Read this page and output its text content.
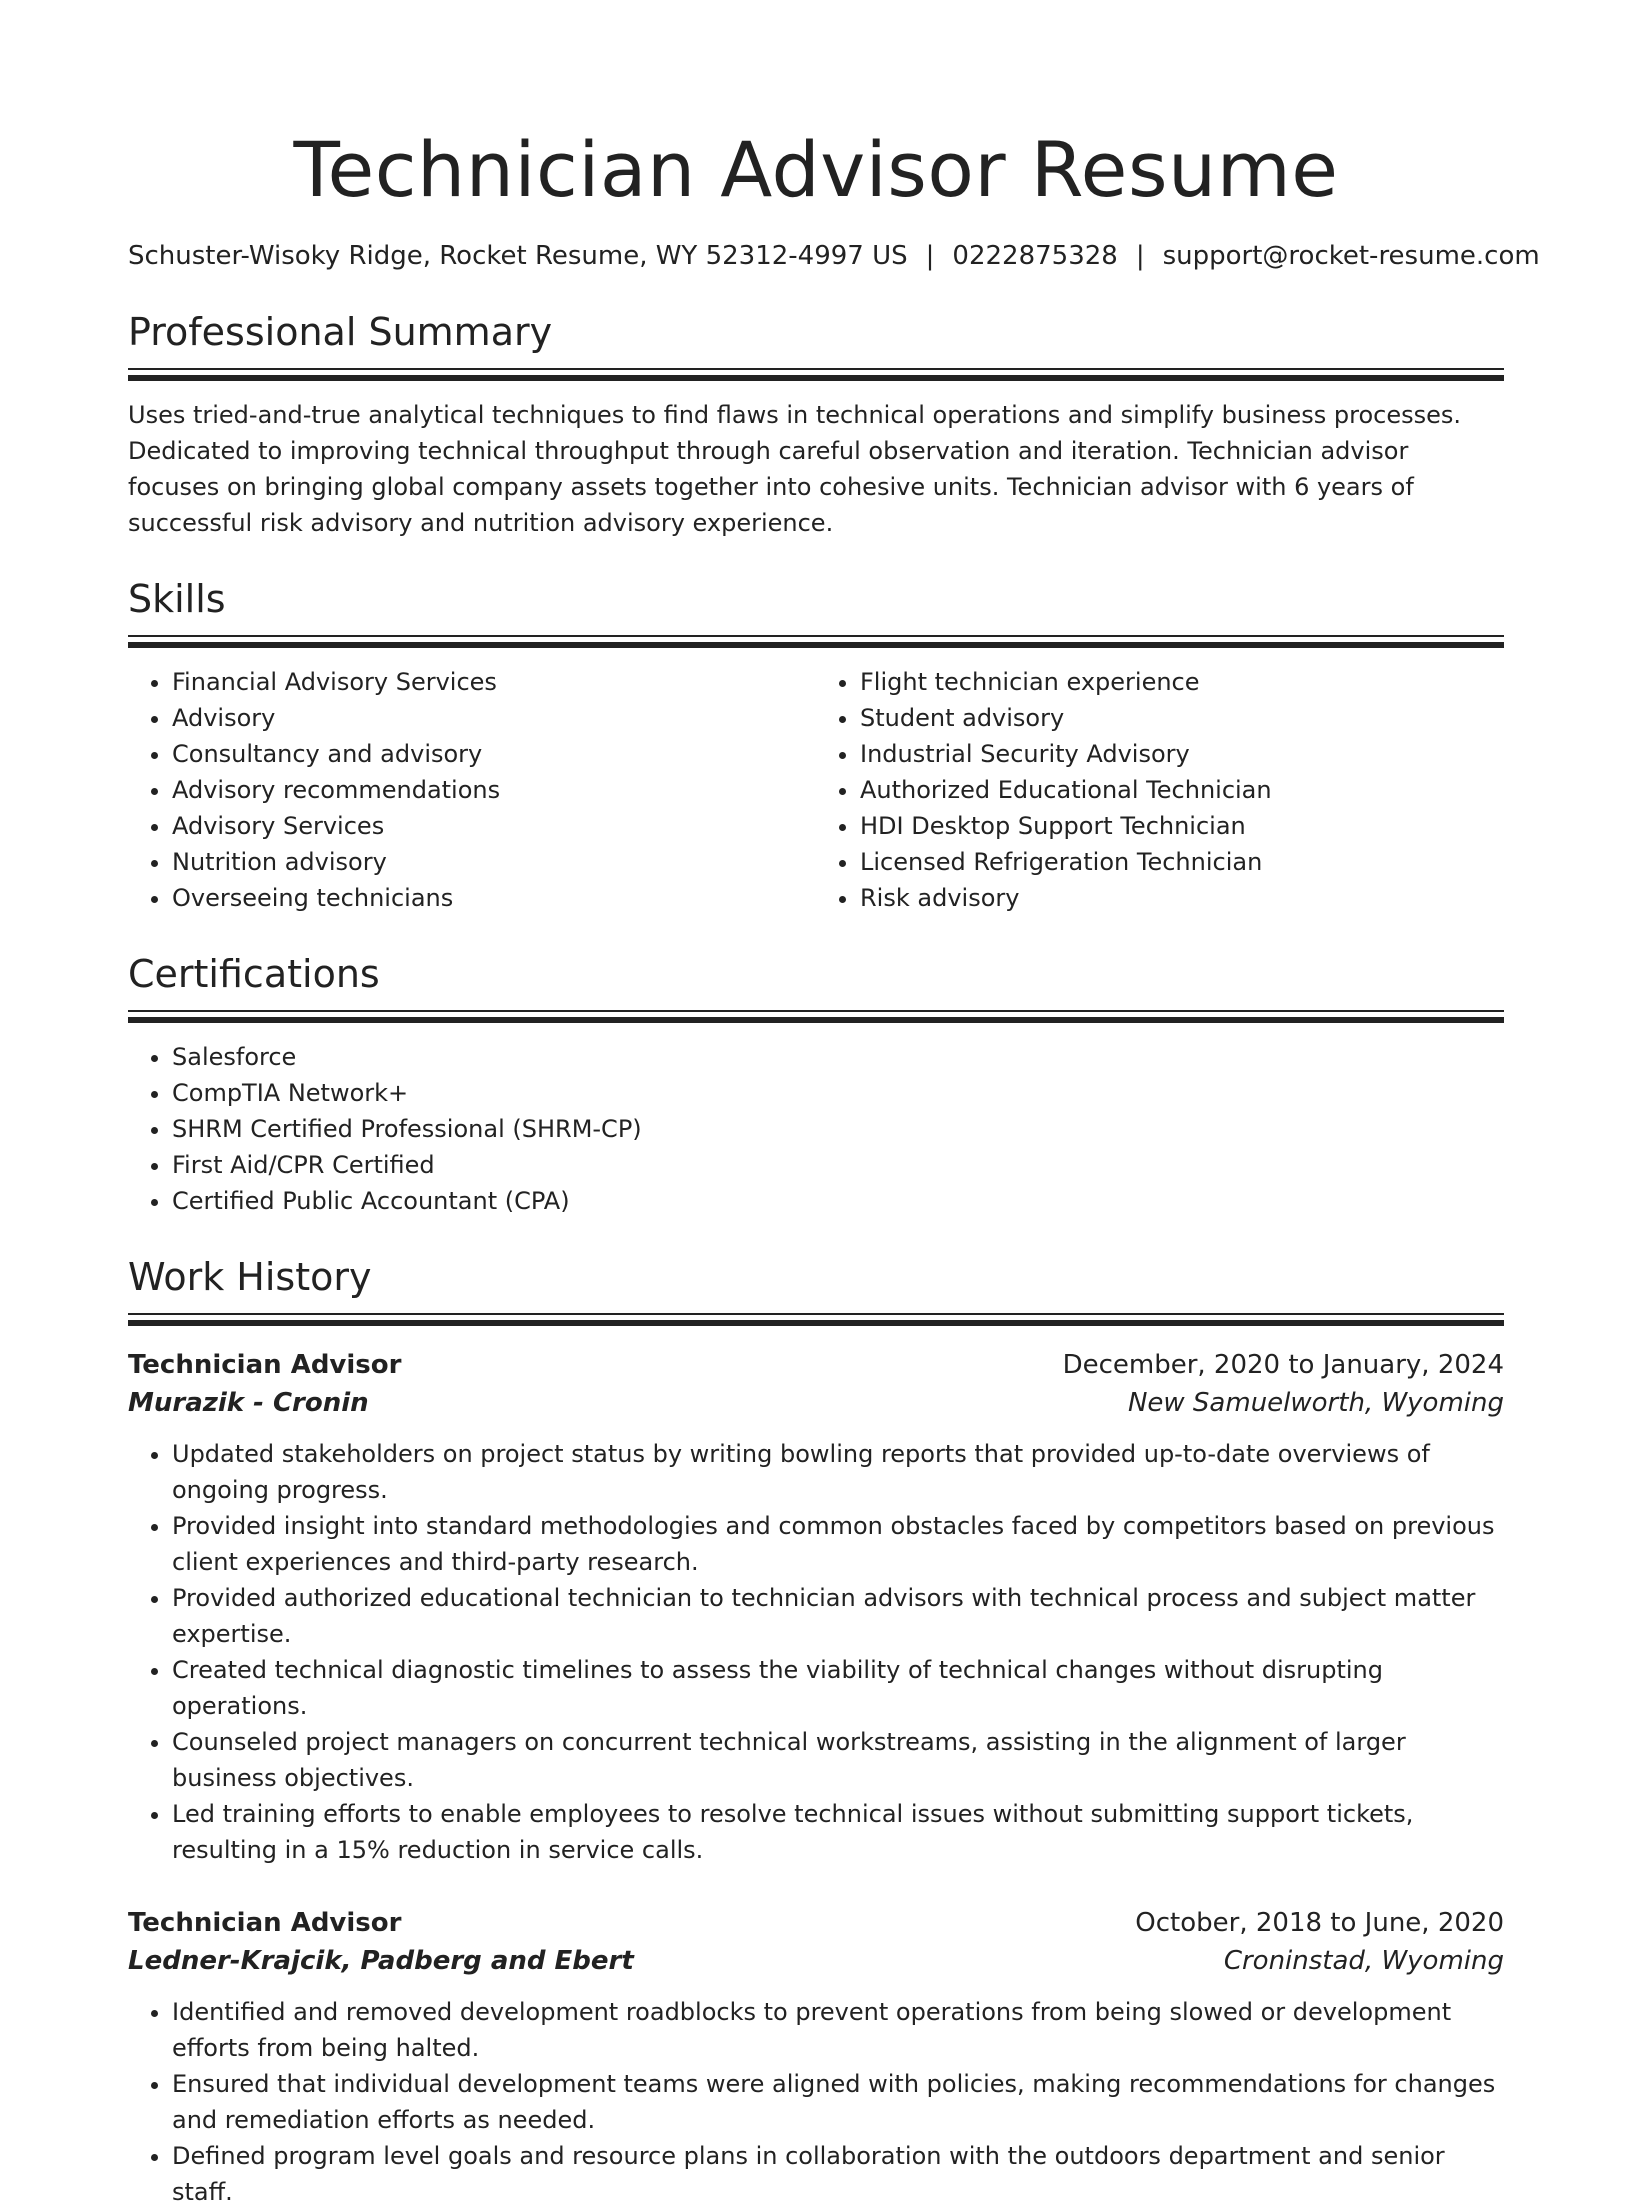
Technician Advisor Resume
Schuster-Wisoky Ridge, Rocket Resume, WY 52312-4997 US | 0222875328 | support@rocket-resume.com
Professional Summary

Uses tried-and-true analytical techniques to find flaws in technical operations and simplify business processes. Dedicated to improving technical throughput through careful observation and iteration. Technician advisor focuses on bringing global company assets together into cohesive units. Technician advisor with 6 years of successful risk advisory and nutrition advisory experience.

Skills
• Financial Advisory Services
• Advisory
• Consultancy and advisory
• Advisory recommendations
• Advisory Services
• Nutrition advisory
• Overseeing technicians
• Flight technician experience
• Student advisory
• Industrial Security Advisory
• Authorized Educational Technician
• HDI Desktop Support Technician
• Licensed Refrigeration Technician
• Risk advisory
Certifications
• Salesforce
• CompTIA Network+
• SHRM Certified Professional (SHRM-CP)
• First Aid/CPR Certified
• Certified Public Accountant (CPA)
Work History
Technician Advisor	December, 2020 to January, 2024
Murazik - Cronin	New Samuelworth, Wyoming
• Updated stakeholders on project status by writing bowling reports that provided up-to-date overviews of ongoing progress.
• Provided insight into standard methodologies and common obstacles faced by competitors based on previous client experiences and third-party research.
• Provided authorized educational technician to technician advisors with technical process and subject matter expertise.
• Created technical diagnostic timelines to assess the viability of technical changes without disrupting operations.
• Counseled project managers on concurrent technical workstreams, assisting in the alignment of larger business objectives.
• Led training efforts to enable employees to resolve technical issues without submitting support tickets, resulting in a 15% reduction in service calls.
Technician Advisor	October, 2018 to June, 2020
Ledner-Krajcik, Padberg and Ebert	Croninstad, Wyoming
• Identified and removed development roadblocks to prevent operations from being slowed or development efforts from being halted.
• Ensured that individual development teams were aligned with policies, making recommendations for changes and remediation efforts as needed.
• Defined program level goals and resource plans in collaboration with the outdoors department and senior staff.
